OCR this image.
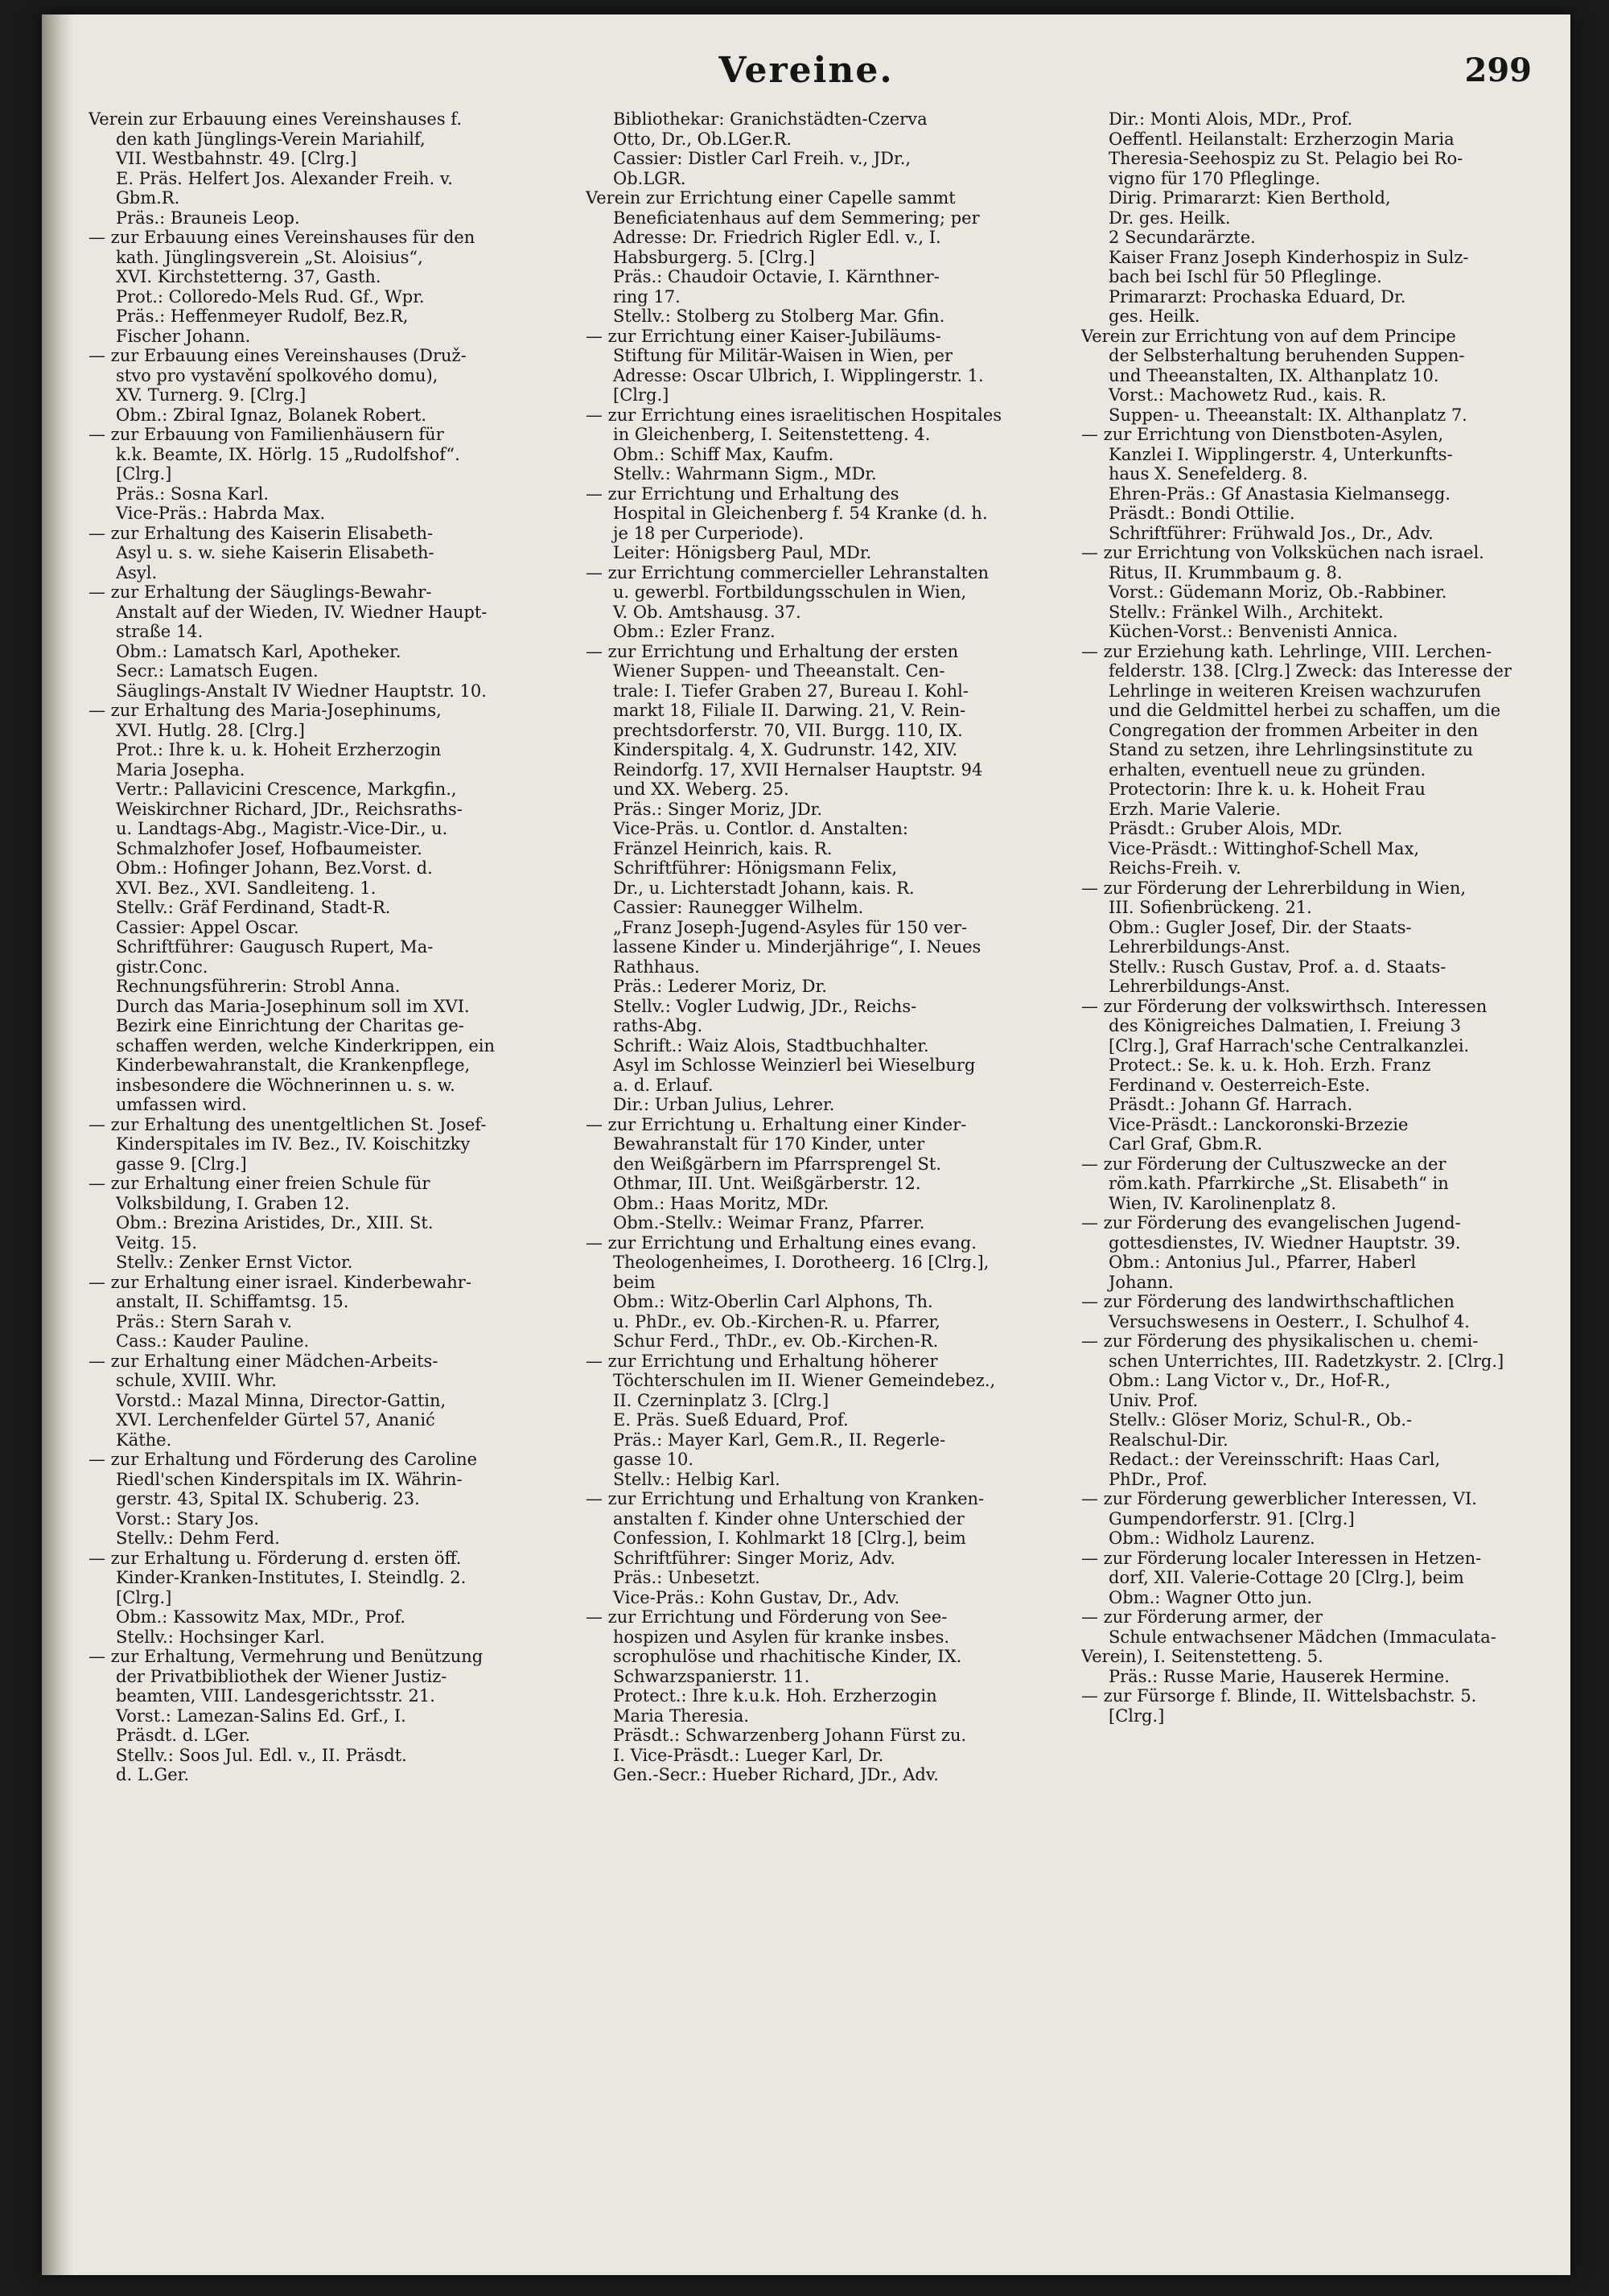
Vereine.	299
Verein zur Erbauung eines Vereinshauses f.
den kath Jünglings-Verein Mariahilf,
VII. Westbahnstr. 49. [Clrg.]
E. Präs. Helfert Jos. Alexander Freih. v.
Gbm.R.
Präs.: Brauneis Leop.
— zur Erbauung eines Vereinshauses für den
kath. Jünglingsverein „St. Aloisius“,
XVI. Kirchstetterng. 37, Gasth.
Prot.: Colloredo-Mels Rud. Gf., Wpr.
Präs.: Heffenmeyer Rudolf, Bez.R,
Fischer Johann.
— zur Erbauung eines Vereinshauses (Druž-
stvo pro vystavění spolkového domu),
XV. Turnerg. 9. [Clrg.]
Obm.: Zbiral Ignaz, Bolanek Robert.
— zur Erbauung von Familienhäusern für
k.k. Beamte, IX. Hörlg. 15 „Rudolfshof“.
[Clrg.]
Präs.: Sosna Karl.
Vice-Präs.: Habrda Max.
— zur Erhaltung des Kaiserin Elisabeth-
Asyl u. s. w. siehe Kaiserin Elisabeth-
Asyl.
— zur Erhaltung der Säuglings-Bewahr-
Anstalt auf der Wieden, IV. Wiedner Haupt-
straße 14.
Obm.: Lamatsch Karl, Apotheker.
Secr.: Lamatsch Eugen.
Säuglings-Anstalt IV Wiedner Hauptstr. 10.
— zur Erhaltung des Maria-Josephinums,
XVI. Hutlg. 28. [Clrg.]
Prot.: Ihre k. u. k. Hoheit Erzherzogin
Maria Josepha.
Vertr.: Pallavicini Crescence, Markgfin.,
Weiskirchner Richard, JDr., Reichsraths-
u. Landtags-Abg., Magistr.-Vice-Dir., u.
Schmalzhofer Josef, Hofbaumeister.
Obm.: Hofinger Johann, Bez.Vorst. d.
XVI. Bez., XVI. Sandleiteng. 1.
Stellv.: Gräf Ferdinand, Stadt-R.
Cassier: Appel Oscar.
Schriftführer: Gaugusch Rupert, Ma-
gistr.Conc.
Rechnungsführerin: Strobl Anna.
Durch das Maria-Josephinum soll im XVI.
Bezirk eine Einrichtung der Charitas ge-
schaffen werden, welche Kinderkrippen, ein
Kinderbewahranstalt, die Krankenpflege,
insbesondere die Wöchnerinnen u. s. w.
umfassen wird.
— zur Erhaltung des unentgeltlichen St. Josef-
Kinderspitales im IV. Bez., IV. Koischitzky
gasse 9. [Clrg.]
— zur Erhaltung einer freien Schule für
Volksbildung, I. Graben 12.
Obm.: Brezina Aristides, Dr., XIII. St.
Veitg. 15.
Stellv.: Zenker Ernst Victor.
— zur Erhaltung einer israel. Kinderbewahr-
anstalt, II. Schiffamtsg. 15.
Präs.: Stern Sarah v.
Cass.: Kauder Pauline.
— zur Erhaltung einer Mädchen-Arbeits-
schule, XVIII. Whr.
Vorstd.: Mazal Minna, Director-Gattin,
XVI. Lerchenfelder Gürtel 57, Ananić
Käthe.
— zur Erhaltung und Förderung des Caroline
Riedl'schen Kinderspitals im IX. Währin-
gerstr. 43, Spital IX. Schuberig. 23.
Vorst.: Stary Jos.
Stellv.: Dehm Ferd.
— zur Erhaltung u. Förderung d. ersten öff.
Kinder-Kranken-Institutes, I. Steindlg. 2.
[Clrg.]
Obm.: Kassowitz Max, MDr., Prof.
Stellv.: Hochsinger Karl.
— zur Erhaltung, Vermehrung und Benützung
der Privatbibliothek der Wiener Justiz-
beamten, VIII. Landesgerichtsstr. 21.
Vorst.: Lamezan-Salins Ed. Grf., I.
Präsdt. d. LGer.
Stellv.: Soos Jul. Edl. v., II. Präsdt.
d. L.Ger.
Bibliothekar: Granichstädten-Czerva
Otto, Dr., Ob.LGer.R.
Cassier: Distler Carl Freih. v., JDr.,
Ob.LGR.
Verein zur Errichtung einer Capelle sammt
Beneficiatenhaus auf dem Semmering; per
Adresse: Dr. Friedrich Rigler Edl. v., I.
Habsburgerg. 5. [Clrg.]
Präs.: Chaudoir Octavie, I. Kärnthner-
ring 17.
Stellv.: Stolberg zu Stolberg Mar. Gfin.
— zur Errichtung einer Kaiser-Jubiläums-
Stiftung für Militär-Waisen in Wien, per
Adresse: Oscar Ulbrich, I. Wipplingerstr. 1.
[Clrg.]
— zur Errichtung eines israelitischen Hospitales
in Gleichenberg, I. Seitenstetteng. 4.
Obm.: Schiff Max, Kaufm.
Stellv.: Wahrmann Sigm., MDr.
— zur Errichtung und Erhaltung des
Hospital in Gleichenberg f. 54 Kranke (d. h.
je 18 per Curperiode).
Leiter: Hönigsberg Paul, MDr.
— zur Errichtung commercieller Lehranstalten
u. gewerbl. Fortbildungsschulen in Wien,
V. Ob. Amtshausg. 37.
Obm.: Ezler Franz.
— zur Errichtung und Erhaltung der ersten
Wiener Suppen- und Theeanstalt. Cen-
trale: I. Tiefer Graben 27, Bureau I. Kohl-
markt 18, Filiale II. Darwing. 21, V. Rein-
prechtsdorferstr. 70, VII. Burgg. 110, IX.
Kinderspitalg. 4, X. Gudrunstr. 142, XIV.
Reindorfg. 17, XVII Hernalser Hauptstr. 94
und XX. Weberg. 25.
Präs.: Singer Moriz, JDr.
Vice-Präs. u. Contlor. d. Anstalten:
Fränzel Heinrich, kais. R.
Schriftführer: Hönigsmann Felix,
Dr., u. Lichterstadt Johann, kais. R.
Cassier: Raunegger Wilhelm.
„Franz Joseph-Jugend-Asyles für 150 ver-
lassene Kinder u. Minderjährige“, I. Neues
Rathhaus.
Präs.: Lederer Moriz, Dr.
Stellv.: Vogler Ludwig, JDr., Reichs-
raths-Abg.
Schrift.: Waiz Alois, Stadtbuchhalter.
Asyl im Schlosse Weinzierl bei Wieselburg
a. d. Erlauf.
Dir.: Urban Julius, Lehrer.
— zur Errichtung u. Erhaltung einer Kinder-
Bewahranstalt für 170 Kinder, unter
den Weißgärbern im Pfarrsprengel St.
Othmar, III. Unt. Weißgärberstr. 12.
Obm.: Haas Moritz, MDr.
Obm.-Stellv.: Weimar Franz, Pfarrer.
— zur Errichtung und Erhaltung eines evang.
Theologenheimes, I. Dorotheerg. 16 [Clrg.],
beim
Obm.: Witz-Oberlin Carl Alphons, Th.
u. PhDr., ev. Ob.-Kirchen-R. u. Pfarrer,
Schur Ferd., ThDr., ev. Ob.-Kirchen-R.
— zur Errichtung und Erhaltung höherer
Töchterschulen im II. Wiener Gemeindebez.,
II. Czerninplatz 3. [Clrg.]
E. Präs. Sueß Eduard, Prof.
Präs.: Mayer Karl, Gem.R., II. Regerle-
gasse 10.
Stellv.: Helbig Karl.
— zur Errichtung und Erhaltung von Kranken-
anstalten f. Kinder ohne Unterschied der
Confession, I. Kohlmarkt 18 [Clrg.], beim
Schriftführer: Singer Moriz, Adv.
Präs.: Unbesetzt.
Vice-Präs.: Kohn Gustav, Dr., Adv.
— zur Errichtung und Förderung von See-
hospizen und Asylen für kranke insbes.
scrophulöse und rhachitische Kinder, IX.
Schwarzspanierstr. 11.
Protect.: Ihre k.u.k. Hoh. Erzherzogin
Maria Theresia.
Präsdt.: Schwarzenberg Johann Fürst zu.
I. Vice-Präsdt.: Lueger Karl, Dr.
Gen.-Secr.: Hueber Richard, JDr., Adv.
Dir.: Monti Alois, MDr., Prof.
Oeffentl. Heilanstalt: Erzherzogin Maria
Theresia-Seehospiz zu St. Pelagio bei Ro-
vigno für 170 Pfleglinge.
Dirig. Primararzt: Kien Berthold,
Dr. ges. Heilk.
2 Secundarärzte.
Kaiser Franz Joseph Kinderhospiz in Sulz-
bach bei Ischl für 50 Pfleglinge.
Primararzt: Prochaska Eduard, Dr.
ges. Heilk.
Verein zur Errichtung von auf dem Principe
der Selbsterhaltung beruhenden Suppen-
und Theeanstalten, IX. Althanplatz 10.
Vorst.: Machowetz Rud., kais. R.
Suppen- u. Theeanstalt: IX. Althanplatz 7.
— zur Errichtung von Dienstboten-Asylen,
Kanzlei I. Wipplingerstr. 4, Unterkunfts-
haus X. Senefelderg. 8.
Ehren-Präs.: Gf Anastasia Kielmansegg.
Präsdt.: Bondi Ottilie.
Schriftführer: Frühwald Jos., Dr., Adv.
— zur Errichtung von Volksküchen nach israel.
Ritus, II. Krummbaum g. 8.
Vorst.: Güdemann Moriz, Ob.-Rabbiner.
Stellv.: Fränkel Wilh., Architekt.
Küchen-Vorst.: Benvenisti Annica.
— zur Erziehung kath. Lehrlinge, VIII. Lerchen-
felderstr. 138. [Clrg.] Zweck: das Interesse der
Lehrlinge in weiteren Kreisen wachzurufen
und die Geldmittel herbei zu schaffen, um die
Congregation der frommen Arbeiter in den
Stand zu setzen, ihre Lehrlingsinstitute zu
erhalten, eventuell neue zu gründen.
Protectorin: Ihre k. u. k. Hoheit Frau
Erzh. Marie Valerie.
Präsdt.: Gruber Alois, MDr.
Vice-Präsdt.: Wittinghof-Schell Max,
Reichs-Freih. v.
— zur Förderung der Lehrerbildung in Wien,
III. Sofienbrückeng. 21.
Obm.: Gugler Josef, Dir. der Staats-
Lehrerbildungs-Anst.
Stellv.: Rusch Gustav, Prof. a. d. Staats-
Lehrerbildungs-Anst.
— zur Förderung der volkswirthsch. Interessen
des Königreiches Dalmatien, I. Freiung 3
[Clrg.], Graf Harrach'sche Centralkanzlei.
Protect.: Se. k. u. k. Hoh. Erzh. Franz
Ferdinand v. Oesterreich-Este.
Präsdt.: Johann Gf. Harrach.
Vice-Präsdt.: Lanckoronski-Brzezie
Carl Graf, Gbm.R.
— zur Förderung der Cultuszwecke an der
röm.kath. Pfarrkirche „St. Elisabeth“ in
Wien, IV. Karolinenplatz 8.
— zur Förderung des evangelischen Jugend-
gottesdienstes, IV. Wiedner Hauptstr. 39.
Obm.: Antonius Jul., Pfarrer, Haberl
Johann.
— zur Förderung des landwirthschaftlichen
Versuchswesens in Oesterr., I. Schulhof 4.
— zur Förderung des physikalischen u. chemi-
schen Unterrichtes, III. Radetzkystr. 2. [Clrg.]
Obm.: Lang Victor v., Dr., Hof-R.,
Univ. Prof.
Stellv.: Glöser Moriz, Schul-R., Ob.-
Realschul-Dir.
Redact.: der Vereinsschrift: Haas Carl,
PhDr., Prof.
— zur Förderung gewerblicher Interessen, VI.
Gumpendorferstr. 91. [Clrg.]
Obm.: Widholz Laurenz.
— zur Förderung localer Interessen in Hetzen-
dorf, XII. Valerie-Cottage 20 [Clrg.], beim
Obm.: Wagner Otto jun.
— zur Förderung armer, der
Schule entwachsener Mädchen (Immaculata-
Verein), I. Seitenstetteng. 5.
Präs.: Russe Marie, Hauserek Hermine.
— zur Fürsorge f. Blinde, II. Wittelsbachstr. 5.
[Clrg.]
